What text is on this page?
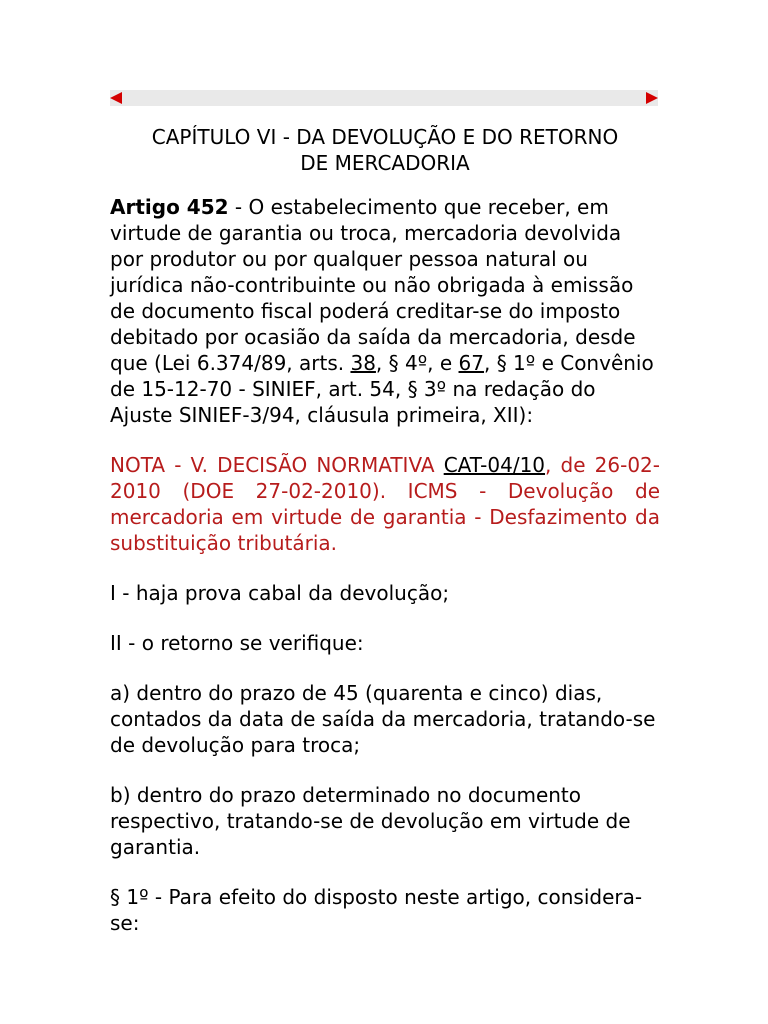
CAPÍTULO VI - DA DEVOLUÇÃO E DO RETORNO
DE MERCADORIA

Artigo 452 - O estabelecimento que receber, em virtude de garantia ou troca, mercadoria devolvida por produtor ou por qualquer pessoa natural ou jurídica não-contribuinte ou não obrigada à emissão de documento fiscal poderá creditar-se do imposto debitado por ocasião da saída da mercadoria, desde que (Lei 6.374/89, arts. 38, § 4º, e 67, § 1º e Convênio de 15-12-70 - SINIEF, art. 54, § 3º na redação do Ajuste SINIEF-3/94, cláusula primeira, XII):

NOTA - V. DECISÃO NORMATIVA CAT-04/10, de 26-02-2010 (DOE 27-02-2010). ICMS - Devolução de mercadoria em virtude de garantia - Desfazimento da substituição tributária.

I - haja prova cabal da devolução;

II - o retorno se verifique:

a) dentro do prazo de 45 (quarenta e cinco) dias, contados da data de saída da mercadoria, tratando-se de devolução para troca;

b) dentro do prazo determinado no documento respectivo, tratando-se de devolução em virtude de garantia.

§ 1º - Para efeito do disposto neste artigo, considera-se:
